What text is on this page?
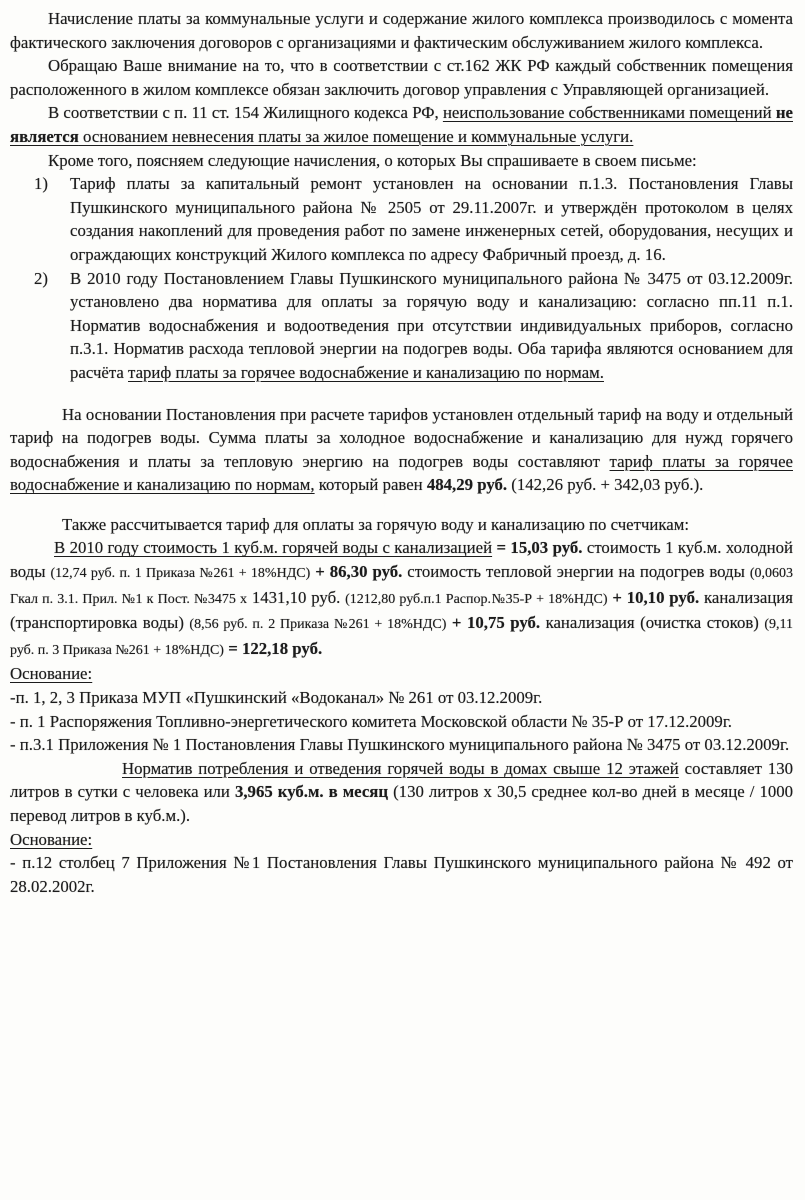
Начисление платы за коммунальные услуги и содержание жилого комплекса производилось с момента фактического заключения договоров с организациями и фактическим обслуживанием жилого комплекса.

Обращаю Ваше внимание на то, что в соответствии с ст.162 ЖК РФ каждый собственник помещения расположенного в жилом комплексе обязан заключить договор управления с Управляющей организацией.

В соответствии с п. 11 ст. 154 Жилищного кодекса РФ, неиспользование собственниками помещений не является основанием невнесения платы за жилое помещение и коммунальные услуги.

Кроме того, поясняем следующие начисления, о которых Вы спрашиваете в своем письме:

1)	Тариф платы за капитальный ремонт установлен на основании п.1.3. Постановления Главы Пушкинского муниципального района № 2505 от 29.11.2007г. и утверждён протоколом в целях создания накоплений для проведения работ по замене инженерных сетей, оборудования, несущих и ограждающих конструкций Жилого комплекса по адресу Фабричный проезд, д. 16.
2)	В 2010 году Постановлением Главы Пушкинского муниципального района № 3475 от 03.12.2009г. установлено два норматива для оплаты за горячую воду и канализацию: согласно пп.11 п.1. Норматив водоснабжения и водоотведения при отсутствии индивидуальных приборов, согласно п.3.1. Норматив расхода тепловой энергии на подогрев воды. Оба тарифа являются основанием для расчёта тариф платы за горячее водоснабжение и канализацию по нормам.

На основании Постановления при расчете тарифов установлен отдельный тариф на воду и отдельный тариф на подогрев воды. Сумма платы за холодное водоснабжение и канализацию для нужд горячего водоснабжения и платы за тепловую энергию на подогрев воды составляют тариф платы за горячее водоснабжение и канализацию по нормам, который равен 484,29 руб. (142,26 руб. + 342,03 руб.).

Также рассчитывается тариф для оплаты за горячую воду и канализацию по счетчикам:

В 2010 году стоимость 1 куб.м. горячей воды с канализацией = 15,03 руб. стоимость 1 куб.м. холодной воды (12,74 руб. п. 1 Приказа №261 + 18%НДС) + 86,30 руб. стоимость тепловой энергии на подогрев воды (0,0603 Гкал п. 3.1. Прил. №1 к Пост. №3475 х 1431,10 руб. (1212,80 руб.п.1 Распор.№35-Р + 18%НДС) + 10,10 руб. канализация (транспортировка воды) (8,56 руб. п. 2 Приказа №261 + 18%НДС) + 10,75 руб. канализация (очистка стоков) (9,11 руб. п. 3 Приказа №261 + 18%НДС) = 122,18 руб.

Основание:

-п. 1, 2, 3 Приказа МУП «Пушкинский «Водоканал» № 261 от 03.12.2009г.

- п. 1 Распоряжения Топливно-энергетического комитета Московской области № 35-Р от 17.12.2009г.

- п.3.1 Приложения № 1 Постановления Главы Пушкинского муниципального района № 3475 от 03.12.2009г.

Норматив потребления и отведения горячей воды в домах свыше 12 этажей составляет 130 литров в сутки с человека или 3,965 куб.м. в месяц (130 литров х 30,5 среднее кол-во дней в месяце / 1000 перевод литров в куб.м.).

Основание:

- п.12 столбец 7 Приложения №1 Постановления Главы Пушкинского муниципального района № 492 от 28.02.2002г.
